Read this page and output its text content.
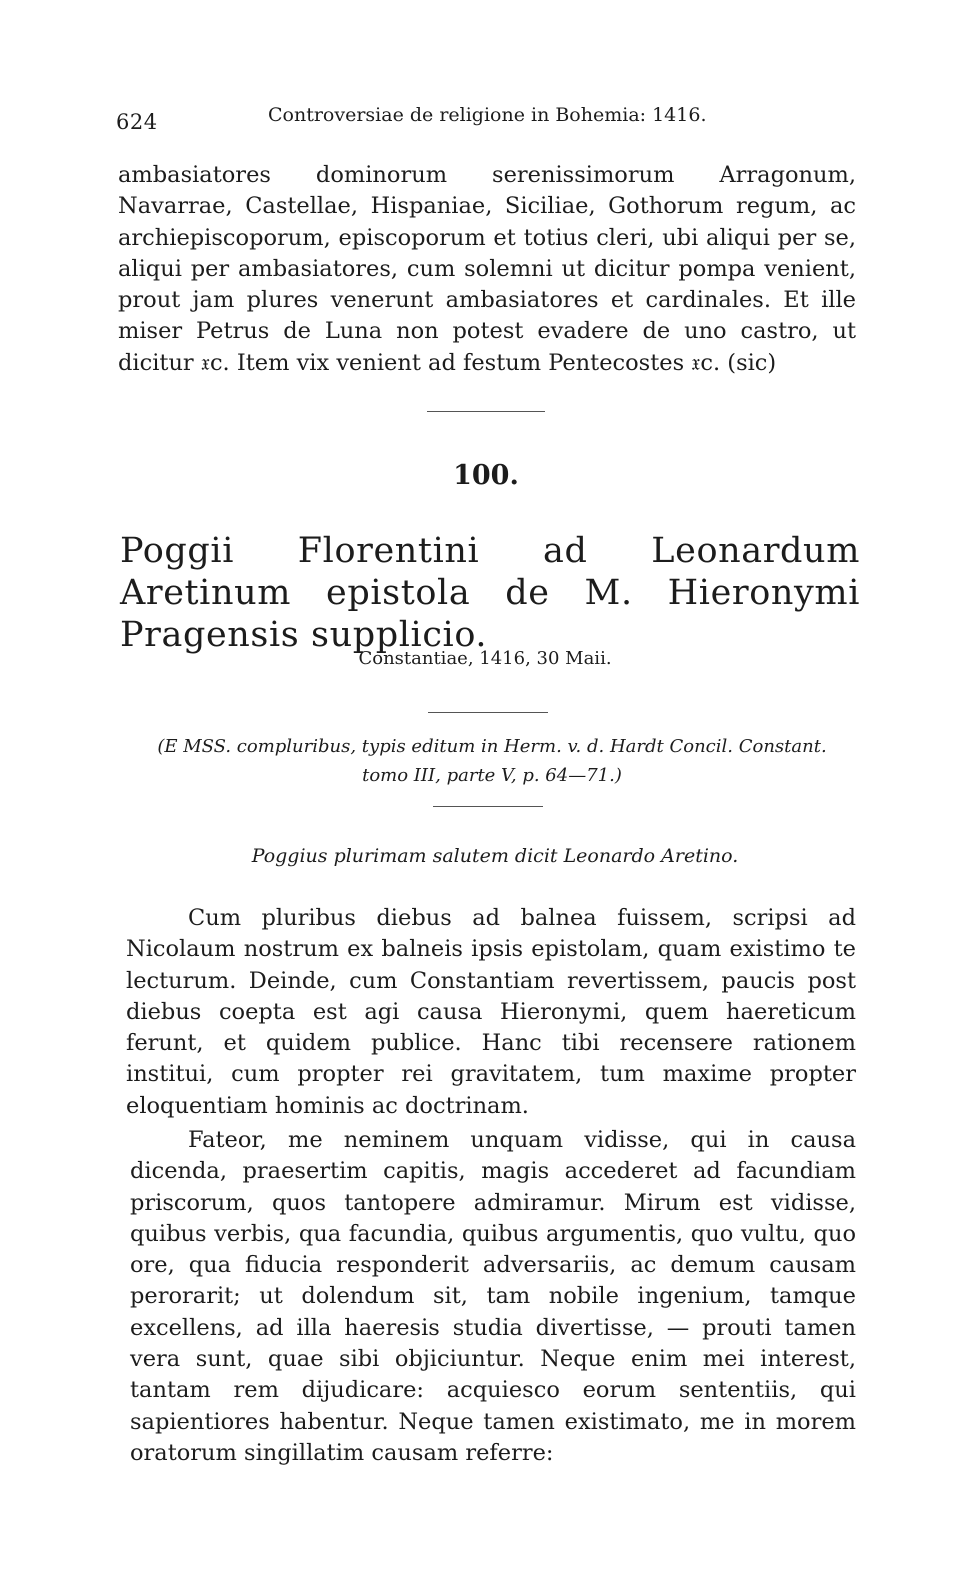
624	Controversiae de religione in Bohemia: 1416.

ambasiatores dominorum serenissimorum Arragonum, Navarrae, Castellae, Hispaniae, Siciliae, Gothorum regum, ac archiepiscoporum, episcoporum et totius cleri, ubi aliqui per se, aliqui per ambasiatores, cum solemni ut dicitur pompa venient, prout jam plures venerunt ambasiatores et cardinales. Et ille miser Petrus de Luna non potest evadere de uno castro, ut dicitur 𝔵c. Item vix venient ad festum Pentecostes 𝔵c. (sic)

100.
Poggii Florentini ad Leonardum Aretinum epistola de M. Hieronymi Pragensis supplicio.
Constantiae, 1416, 30 Maii.
(E MSS. compluribus, typis editum in Herm. v. d. Hardt Concil. Constant. tomo III, parte V, p. 64—71.)
Poggius plurimam salutem dicit Leonardo Aretino.

Cum pluribus diebus ad balnea fuissem, scripsi ad Nicolaum nostrum ex balneis ipsis epistolam, quam existimo te lecturum. Deinde, cum Constantiam revertissem, paucis post diebus coepta est agi causa Hieronymi, quem haereticum ferunt, et quidem publice. Hanc tibi recensere rationem institui, cum propter rei gravitatem, tum maxime propter eloquentiam hominis ac doctrinam.

Fateor, me neminem unquam vidisse, qui in causa dicenda, praesertim capitis, magis accederet ad facundiam priscorum, quos tantopere admiramur. Mirum est vidisse, quibus verbis, qua facundia, quibus argumentis, quo vultu, quo ore, qua fiducia responderit adversariis, ac demum causam perorarit; ut dolendum sit, tam nobile ingenium, tamque excellens, ad illa haeresis studia divertisse, — prouti tamen vera sunt, quae sibi objiciuntur. Neque enim mei interest, tantam rem dijudicare: acquiesco eorum sententiis, qui sapientiores habentur. Neque tamen existimato, me in morem oratorum singillatim causam referre:
